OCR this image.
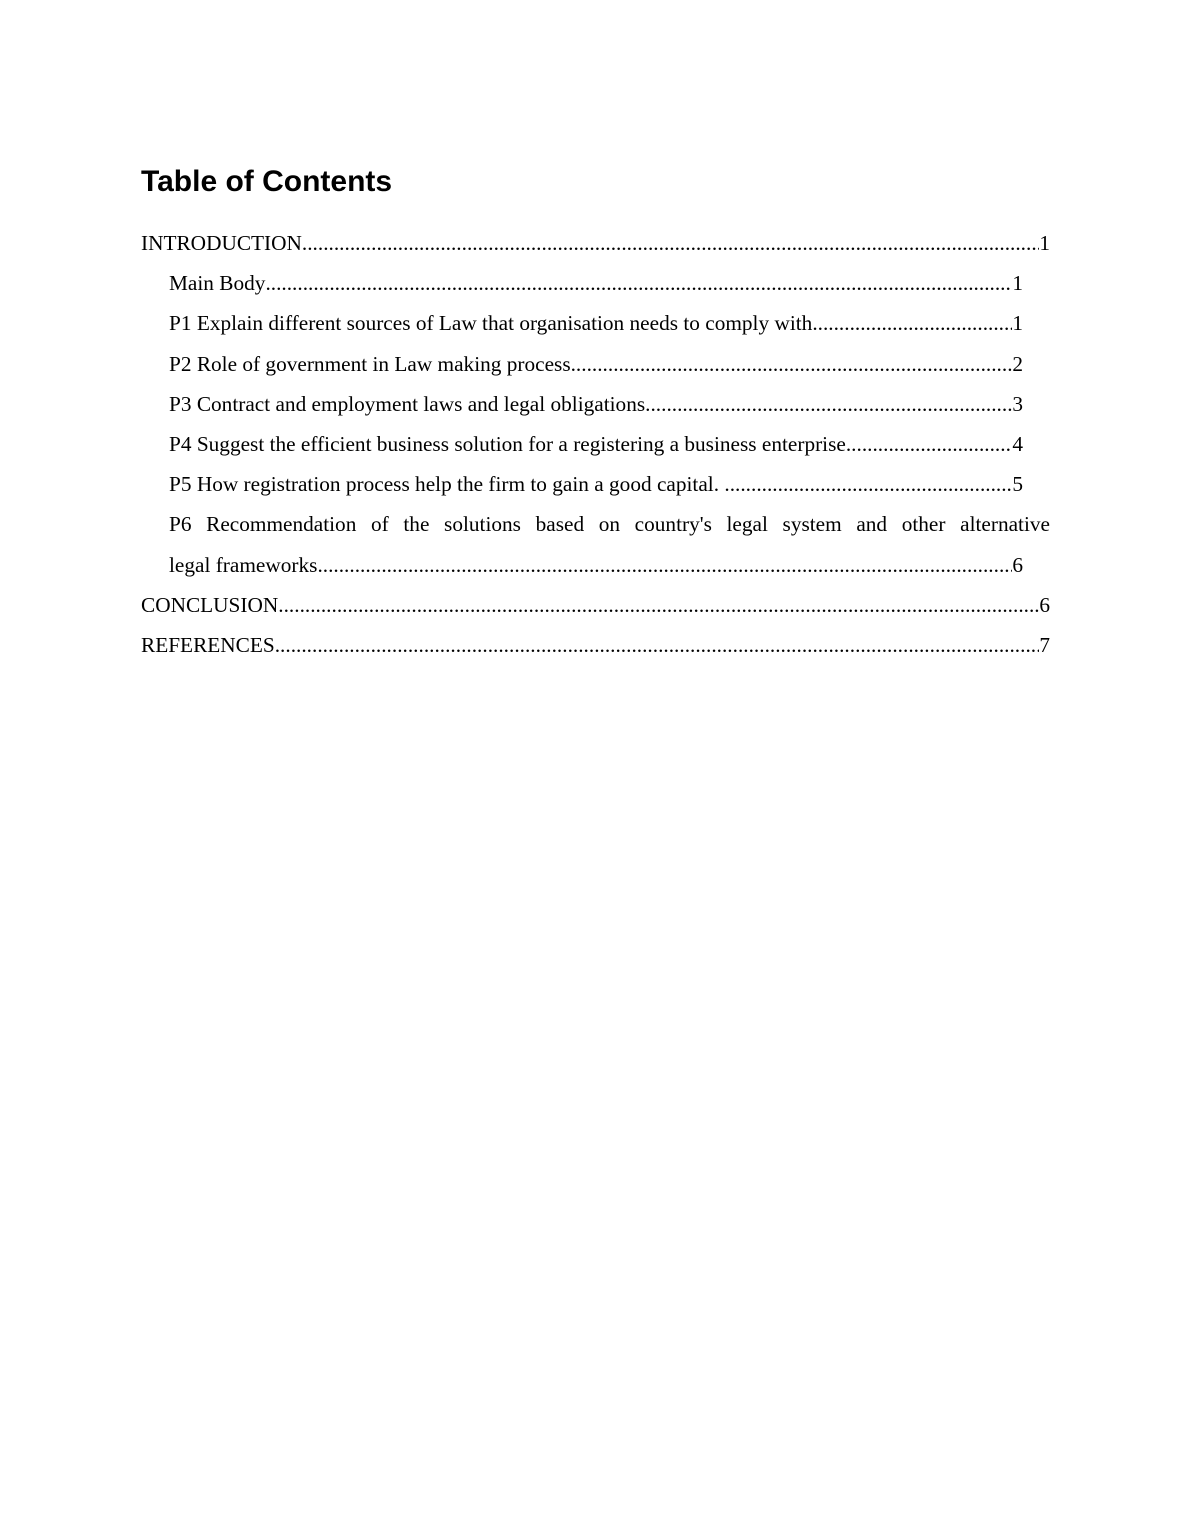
Table of Contents
INTRODUCTION .....	1
Main Body .....	1
P1 Explain different sources of Law that organisation needs to comply with .....	1
P2 Role of government in Law making process .....	2
P3 Contract and employment laws and legal obligations .....	3
P4 Suggest the efficient business solution for a registering a business enterprise .....	4
P5 How registration process help the firm to gain a good capital. .....	5
P6 Recommendation of the solutions based on country's legal system and other alternative
legal frameworks .....	6
CONCLUSION .....	6
REFERENCES .....	7
